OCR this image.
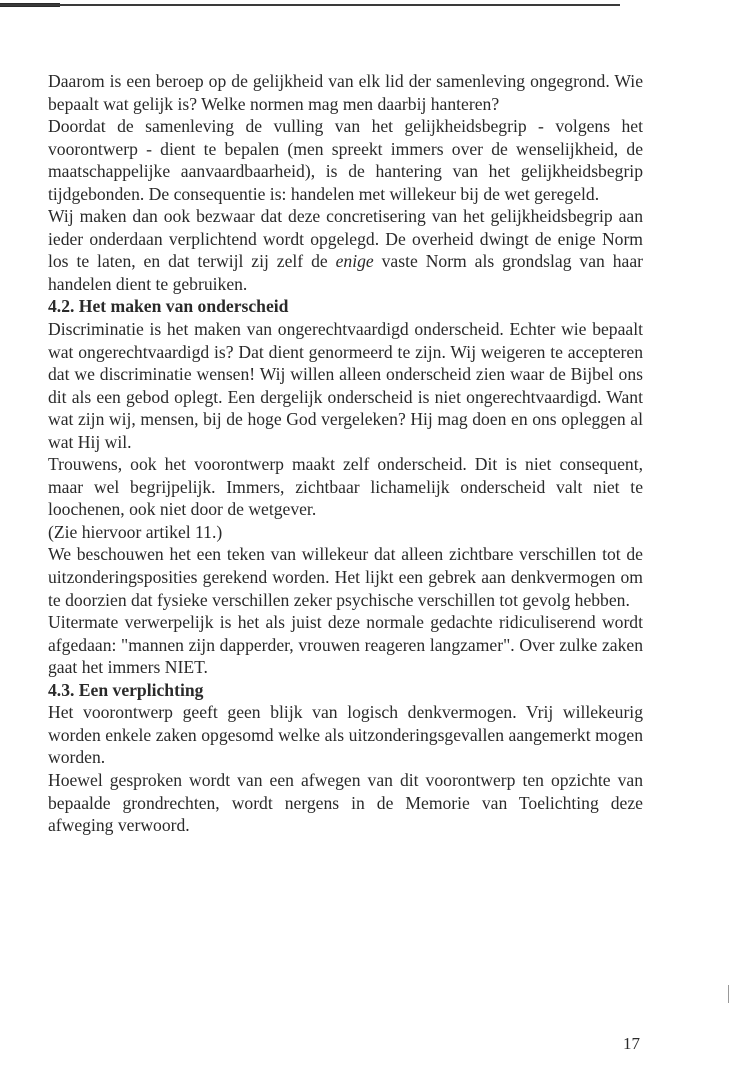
Daarom is een beroep op de gelijkheid van elk lid der samenleving ongegrond. Wie bepaalt wat gelijk is? Welke normen mag men daarbij hanteren?

Doordat de samenleving de vulling van het gelijkheidsbegrip - volgens het voorontwerp - dient te bepalen (men spreekt immers over de wenselijkheid, de maatschappelijke aanvaardbaarheid), is de hantering van het gelijkheidsbegrip tijdgebonden. De consequentie is: handelen met willekeur bij de wet geregeld.

Wij maken dan ook bezwaar dat deze concretisering van het gelijkheidsbegrip aan ieder onderdaan verplichtend wordt opgelegd. De overheid dwingt de enige Norm los te laten, en dat terwijl zij zelf de enige vaste Norm als grondslag van haar handelen dient te gebruiken.

4.2. Het maken van onderscheid

Discriminatie is het maken van ongerechtvaardigd onderscheid. Echter wie bepaalt wat ongerechtvaardigd is? Dat dient genormeerd te zijn. Wij weigeren te accepteren dat we discriminatie wensen! Wij willen alleen onderscheid zien waar de Bijbel ons dit als een gebod oplegt. Een dergelijk onderscheid is niet ongerechtvaardigd. Want wat zijn wij, mensen, bij de hoge God vergeleken? Hij mag doen en ons opleggen al wat Hij wil.

Trouwens, ook het voorontwerp maakt zelf onderscheid. Dit is niet consequent, maar wel begrijpelijk. Immers, zichtbaar lichamelijk onderscheid valt niet te loochenen, ook niet door de wetgever.

(Zie hiervoor artikel 11.)

We beschouwen het een teken van willekeur dat alleen zichtbare verschillen tot de uitzonderingsposities gerekend worden. Het lijkt een gebrek aan denkvermogen om te doorzien dat fysieke verschillen zeker psychische verschillen tot gevolg hebben.

Uitermate verwerpelijk is het als juist deze normale gedachte ridiculiserend wordt afgedaan: "mannen zijn dapperder, vrouwen reageren langzamer". Over zulke zaken gaat het immers NIET.

4.3. Een verplichting

Het voorontwerp geeft geen blijk van logisch denkvermogen. Vrij willekeurig worden enkele zaken opgesomd welke als uitzonderingsgevallen aangemerkt mogen worden.

Hoewel gesproken wordt van een afwegen van dit voorontwerp ten opzichte van bepaalde grondrechten, wordt nergens in de Memorie van Toelichting deze afweging verwoord.

17
